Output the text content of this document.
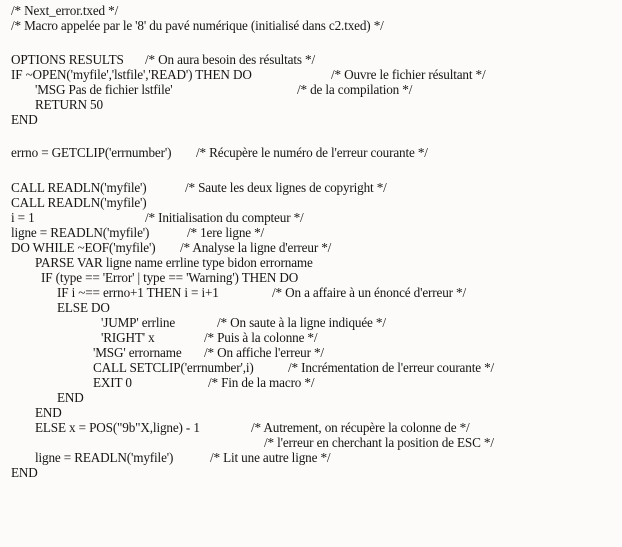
/* Next_error.txed */

/* Macro appelée par le '8' du pavé numérique (initialisé dans c2.txed) */

OPTIONS RESULTS

/* On aura besoin des résultats */

IF ~OPEN('myfile','lstfile','READ') THEN DO

	/* Ouvre le fichier résultant */

'MSG Pas de fichier lstfile'

	/* de la compilation */

RETURN 50

END

errno = GETCLIP('errnumber')

/* Récupère le numéro de l'erreur courante */

CALL READLN('myfile')

	/* Saute les deux lignes de copyright */

CALL READLN('myfile')

i = 1

	/* Initialisation du compteur */

ligne = READLN('myfile')

	/* 1ere ligne */

DO WHILE ~EOF('myfile')

/* Analyse la ligne d'erreur */

PARSE VAR ligne name errline type bidon errorname

IF (type == 'Error' | type == 'Warning') THEN DO

IF i ~== errno+1 THEN i = i+1

	/* On a affaire à un énoncé d'erreur */

ELSE DO

'JUMP' errline

	/* On saute à la ligne indiquée */

'RIGHT' x

	/* Puis à la colonne */

'MSG' errorname

/* On affiche l'erreur */

CALL SETCLIP('errnumber',i)

	/* Incrémentation de l'erreur courante */

EXIT 0

	/* Fin de la macro */

END

END

ELSE x = POS("9b"X,ligne) - 1

	/* Autrement, on récupère la colonne de */

/* l'erreur en cherchant la position de ESC */

ligne = READLN('myfile')

	/* Lit une autre ligne */

END
